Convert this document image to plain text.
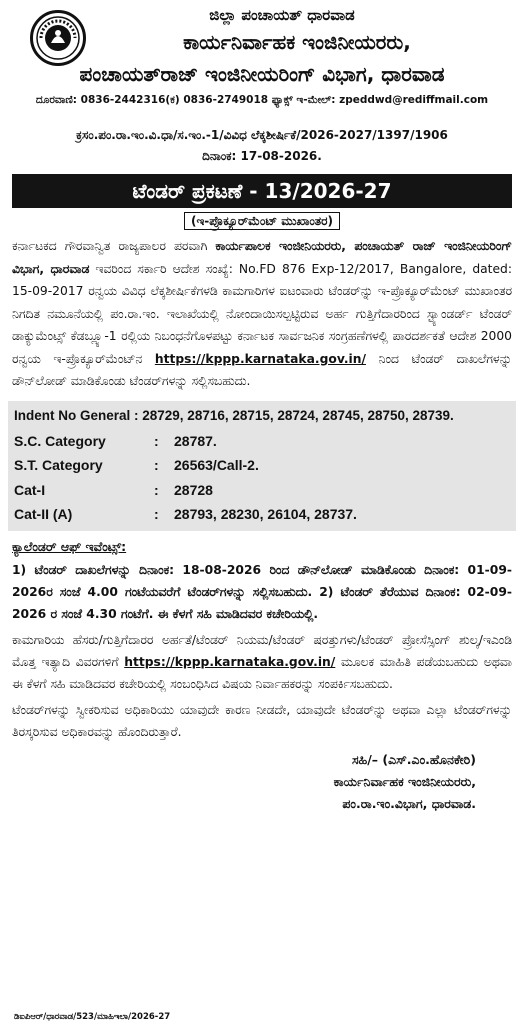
ಜಿಲ್ಲಾ ಪಂಚಾಯತ್ ಧಾರವಾಡ
ಕಾರ್ಯನಿರ್ವಾಹಕ ಇಂಜಿನೀಯರರು,
ಪಂಚಾಯತ್‌ರಾಜ್ ಇಂಜಿನೀಯರಿಂಗ್ ವಿಭಾಗ, ಧಾರವಾಡ
ದೂರವಾಣಿ: 0836-2442316(ಕ) 0836-2749018 ಫ್ಯಾಕ್ಸ್ ಇ-ಮೇಲ್: zpeddwd@rediffmail.com
ಕ್ರಸಂ.ಪಂ.ರಾ.ಇಂ.ವಿ.ಧಾ/ಸ.ಇಂ.-1/ವಿವಿಧ ಲೆಕ್ಕಶೀರ್ಷಿಕೆ/2026-2027/1397/1906
ದಿನಾಂಕ: 17-08-2026.
ಟೆಂಡರ್ ಪ್ರಕಟಣೆ - 13/2026-27
(ಇ-ಪ್ರೊಕ್ಯೂರ್‌ಮೆಂಟ್ ಮುಖಾಂತರ)
ಕರ್ನಾಟಕದ ಗೌರವಾನ್ವಿತ ರಾಜ್ಯಪಾಲರ ಪರವಾಗಿ ಕಾರ್ಯಪಾಲಕ ಇಂಜೀನಿಯರರು, ಪಂಚಾಯತ್ ರಾಜ್ ಇಂಜಿನೀಯರಿಂಗ್ ವಿಭಾಗ, ಧಾರವಾಡ ಇವರಿಂದ ಸರ್ಕಾರಿ ಆದೇಶ ಸಂಖ್ಯೆ: No.FD 876 Exp-12/2017, Bangalore, dated: 15-09-2017 ರನ್ವಯ ವಿವಿಧ ಲೆಕ್ಕಶೀರ್ಷಿಕೆಗಳಡಿ ಕಾಮಗಾರಿಗಳ ಐಟಂವಾರು ಟೆಂಡರ್‌ನ್ನು ಇ-ಪ್ರೊಕ್ಯೂರ್‌ಮೆಂಟ್ ಮುಖಾಂತರ ನಿಗದಿತ ನಮೂನೆಯಲ್ಲಿ ಪಂ.ರಾ.ಇಂ. ಇಲಾಖೆಯಲ್ಲಿ ನೋಂದಾಯಿಸಲ್ಪಟ್ಟಿರುವ ಅರ್ಹ ಗುತ್ತಿಗೆದಾರರಿಂದ ಸ್ಟ್ಯಾಂಡರ್ಡ್ ಟೆಂಡರ್ ಡಾಕ್ಯುಮೆಂಟ್ಸ್ ಕೆಡಬ್ಲ್ಯೂ-1 ರಲ್ಲಿಯ ನಿಬಂಧನೆಗೊಳಪಟ್ಟು ಕರ್ನಾಟಕ ಸಾರ್ವಜನಿಕ ಸಂಗ್ರಹಣೆಗಳಲ್ಲಿ ಪಾರದರ್ಶಕತೆ ಆದೇಶ 2000 ರನ್ವಯ ಇ-ಪ್ರೊಕ್ಯೂರ್‌ಮೆಂಟ್‌ನ https://kppp.karnataka.gov.in/ ನಿಂದ ಟೆಂಡರ್ ದಾಖಲೆಗಳನ್ನು ಡೌನ್‌ಲೋಡ್ ಮಾಡಿಕೊಂಡು ಟೆಂಡರ್‌ಗಳನ್ನು ಸಲ್ಲಿಸಬಹುದು.
Indent No General : 28729, 28716, 28715, 28724, 28745, 28750, 28739.
S.C. Category	:	28787.
S.T. Category	:	26563/Call-2.
Cat-I	:	28728
Cat-II (A)	:	28793, 28230, 26104, 28737.
ಕ್ಯಾಲೆಂಡರ್ ಆಫ್ ಇವೆಂಟ್ಸ್:
1) ಟೆಂಡರ್ ದಾಖಲೆಗಳನ್ನು ದಿನಾಂಕ: 18-08-2026 ರಿಂದ ಡೌನ್‌ಲೋಡ್ ಮಾಡಿಕೊಂಡು ದಿನಾಂಕ: 01-09-2026ರ ಸಂಜೆ 4.00 ಗಂಟೆಯವರೆಗೆ ಟೆಂಡರ್‌ಗಳನ್ನು ಸಲ್ಲಿಸಬಹುದು. 2) ಟೆಂಡರ್ ತೆರೆಯುವ ದಿನಾಂಕ: 02-09-2026 ರ ಸಂಜೆ 4.30 ಗಂಟೆಗೆ. ಈ ಕೆಳಗೆ ಸಹಿ ಮಾಡಿದವರ ಕಚೇರಿಯಲ್ಲಿ.
ಕಾಮಗಾರಿಯ ಹೆಸರು/ಗುತ್ತಿಗೆದಾರರ ಅರ್ಹತೆ/ಟೆಂಡರ್ ನಿಯಮ/ಟೆಂಡರ್ ಷರತ್ತುಗಳು/ಟೆಂಡರ್ ಪ್ರೋಸೆಸ್ಸಿಂಗ್ ಶುಲ್ಕ/ಇಎಂಡಿ ಮೊತ್ತ ಇತ್ಯಾದಿ ವಿವರಗಳಿಗೆ https://kppp.karnataka.gov.in/ ಮೂಲಕ ಮಾಹಿತಿ ಪಡೆಯಬಹುದು ಅಥವಾ ಈ ಕೆಳಗೆ ಸಹಿ ಮಾಡಿದವರ ಕಚೇರಿಯಲ್ಲಿ ಸಂಬಂಧಿಸಿದ ವಿಷಯ ನಿರ್ವಾಹಕರನ್ನು ಸಂಪರ್ಕಿಸಬಹುದು.
ಟೆಂಡರ್‌ಗಳನ್ನು ಸ್ವೀಕರಿಸುವ ಅಧಿಕಾರಿಯು ಯಾವುದೇ ಕಾರಣ ನೀಡದೇ, ಯಾವುದೇ ಟೆಂಡರ್‌ನ್ನು ಅಥವಾ ಎಲ್ಲಾ ಟೆಂಡರ್‌ಗಳನ್ನು ತಿರಸ್ಕರಿಸುವ ಅಧಿಕಾರವನ್ನು ಹೊಂದಿರುತ್ತಾರೆ.
ಸಹಿ/– (ಎಸ್.ಎಂ.ಹೊನಕೇರಿ)
ಕಾರ್ಯನಿರ್ವಾಹಕ ಇಂಜಿನೀಯರರು,
ಪಂ.ರಾ.ಇಂ.ವಿಭಾಗ, ಧಾರವಾಡ.
ಡಿಐಪಿಆರ್/ಧಾರವಾಡ/523/ಮಾಹಿಇಲಾ/2026-27
